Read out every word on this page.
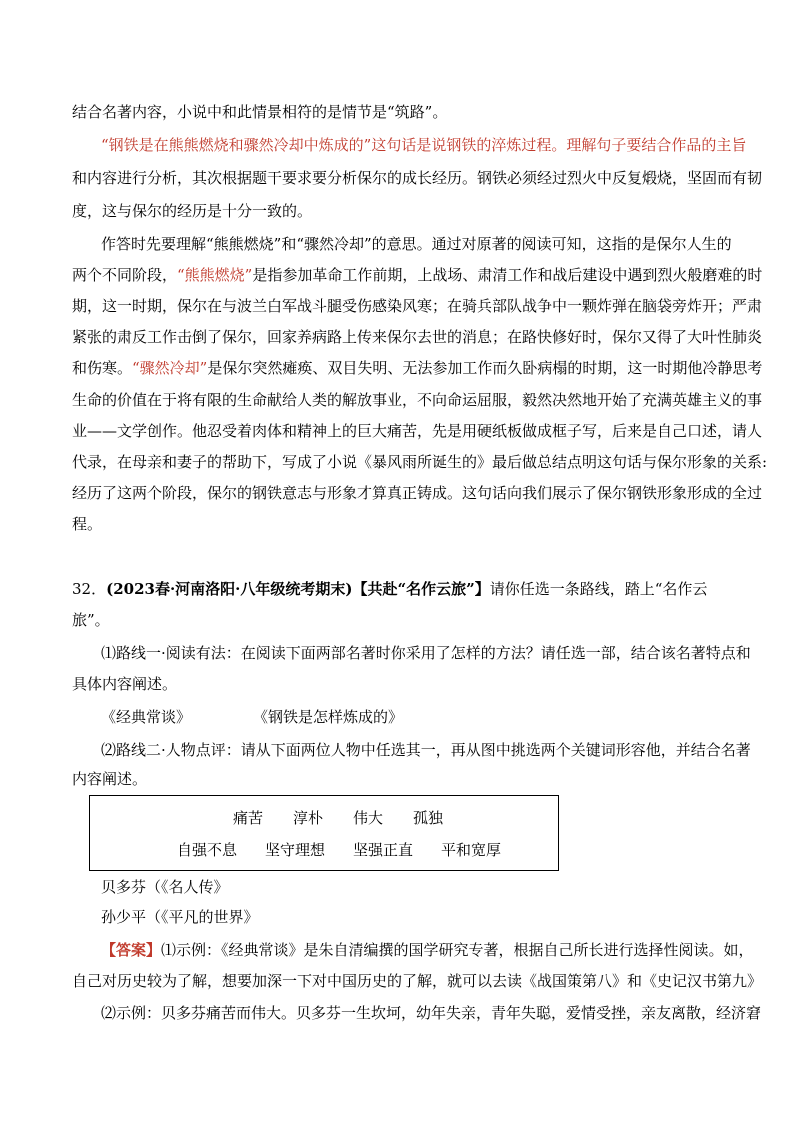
结合名著内容，小说中和此情景相符的是情节是“筑路”。
“钢铁是在熊熊燃烧和骤然冷却中炼成的”这句话是说钢铁的淬炼过程。理解句子要结合作品的主旨
和内容进行分析，其次根据题干要求要分析保尔的成长经历。钢铁必须经过烈火中反复煅烧，坚固而有韧
度，这与保尔的经历是十分一致的。
作答时先要理解“熊熊燃烧”和“骤然冷却”的意思。通过对原著的阅读可知，这指的是保尔人生的
两个不同阶段，“熊熊燃烧”是指参加革命工作前期，上战场、肃清工作和战后建设中遇到烈火般磨难的时
期，这一时期，保尔在与波兰白军战斗腿受伤感染风寒；在骑兵部队战争中一颗炸弹在脑袋旁炸开；严肃
紧张的肃反工作击倒了保尔，回家养病路上传来保尔去世的消息；在路快修好时，保尔又得了大叶性肺炎
和伤寒。“骤然冷却”是保尔突然瘫痪、双目失明、无法参加工作而久卧病榻的时期，这一时期他冷静思考
生命的价值在于将有限的生命献给人类的解放事业，不向命运屈服，毅然决然地开始了充满英雄主义的事
业——文学创作。他忍受着肉体和精神上的巨大痛苦，先是用硬纸板做成框子写，后来是自己口述，请人
代录，在母亲和妻子的帮助下，写成了小说《暴风雨所诞生的》最后做总结点明这句话与保尔形象的关系:
经历了这两个阶段，保尔的钢铁意志与形象才算真正铸成。这句话向我们展示了保尔钢铁形象形成的全过
程。
32．(2023春·河南洛阳·八年级统考期末)【共赴“名作云旅”】请你任选一条路线，踏上“名作云
旅”。
⑴路线一·阅读有法：在阅读下面两部名著时你采用了怎样的方法？请任选一部，结合该名著特点和
具体内容阐述。
《经典常谈》	《钢铁是怎样炼成的》
⑵路线二·人物点评：请从下面两位人物中任选其一，再从图中挑选两个关键词形容他，并结合名著
内容阐述。
痛苦 淳朴 伟大 孤独
自强不息 坚守理想 坚强正直 平和宽厚
贝多芬（《名人传》
孙少平（《平凡的世界》
【答案】⑴示例：《经典常谈》是朱自清编撰的国学研究专著，根据自己所长进行选择性阅读。如，
自己对历史较为了解，想要加深一下对中国历史的了解，就可以去读《战国策第八》和《史记汉书第九》
⑵示例：贝多芬痛苦而伟大。贝多芬一生坎坷，幼年失亲，青年失聪，爱情受挫，亲友离散，经济窘
